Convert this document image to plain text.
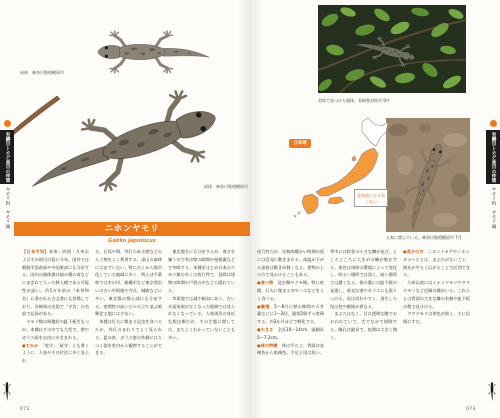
有鱗目トカゲ亜目の仲間
ヤモリ科　ヤモリ属
有鱗目トカゲ亜目の仲間
ヤモリ科　ヤモリ属
成体　神奈川県相模原市
成体　神奈川県相模原市
対馬で見つけた個体。長崎県対馬市 9月
人家に潜んでいる。神奈川県相模原市 7月
分布域
北海道には分布しない
ニホンヤモリ
Gekko japonicus

【日本平均】本州・四国・九州およびその周辺の島に分布。国外では朝鮮半島南部や中国東部にも分布する。国内の個体群は船の積み荷などにまぎれて入った移入種である可能性が高い。約1万年前の『本草和名』に書かれた古文書にも登場しており、長崎県の出島で「守宮」の名前で記録がある。

　ヤモリ類は吸盤状の趾下板をもつが、本種はその中でも大型で、壁やガラス面を自由に歩きまわる。

●すみか　「家守」「屋守」とも書くように、人家やその付近に多く見られ

る。石垣や塀、外灯のある壁などの人工物をよく利用する。深山の森林にはまずいない。特に古くから都市化していた地域に多く、例えば千葉県では市川市、船橋市など東京湾沿いの古い市街地や寺社、城跡などに多い。東京都の都心部にも分布する。密閉性の高いビルの立ち並ぶ新興住宅地には少ない。

　本種は灯火に集まる昆虫を食べるため、外灯のまわりでよく見られる。夏の夜、ガラス窓の外側にはりつく姿を室内から観察することができる。

　東北地方にも分布するが、寒さを嫌うので冬は壁の隙間や屋根裏などで冬眠する。本種をはじめ日本のヤモリ類の多くは夜行性で、昼間は建物の隙間や戸袋の中などに隠れている。

　市街地では減少傾向にあり、古い木造家屋がなくなった地域では見られなくなっている。人家周辺の身近な爬虫類だが、その生態に関しては、まだよくわかっていないことも多い。

夜行性だが、比較的暖かい時期の夜には活発に動きまわる。体温が下がる深夜は動きが鈍くなる。建物の上の方で見かけることもある。

●食べ物　昆虫類やクモ類。特に夜間、灯火に集まるガやハエなどをよく食べる。

●繁殖　5〜8月に壁の隙間や天井裏などに1〜2回、通常2卵ずつ産卵する。約2か月ほどで孵化する。

●大きさ　全長10〜14cm、頭胴長5〜7.2cm。

●体の特徴　体は平たく、背面は灰褐色から暗褐色。手足と尾は短い。

背中には粒状の小さな鱗が並び、ところどころに大きめの鱗が散在する。体色は周囲の環境によって変化し、明るい場所では淡く、暗い場所では濃くなる。指の裏には趾下板が発達し、垂直な壁やガラスにも張りつける。尾は切れやすく、再生した尾は色や模様が異なる。

　まぶたはなく、目は透明な膜でおおわれていて、舌でなめて掃除する。瞳孔は縦長で、夜間は大きく開く。

●見分け方　ニホントカゲやニホンカナヘビとは、まぶたがないこと、指先が平たく広がることで区別できる。

　九州以南にはミナミヤモリやタワヤモリなど近縁の種がいる。これらとは背面の大きな鱗の有無や趾下板の数で見分ける。

　タワヤモリは体色が淡く、主に岩場にすむ。

072	073
